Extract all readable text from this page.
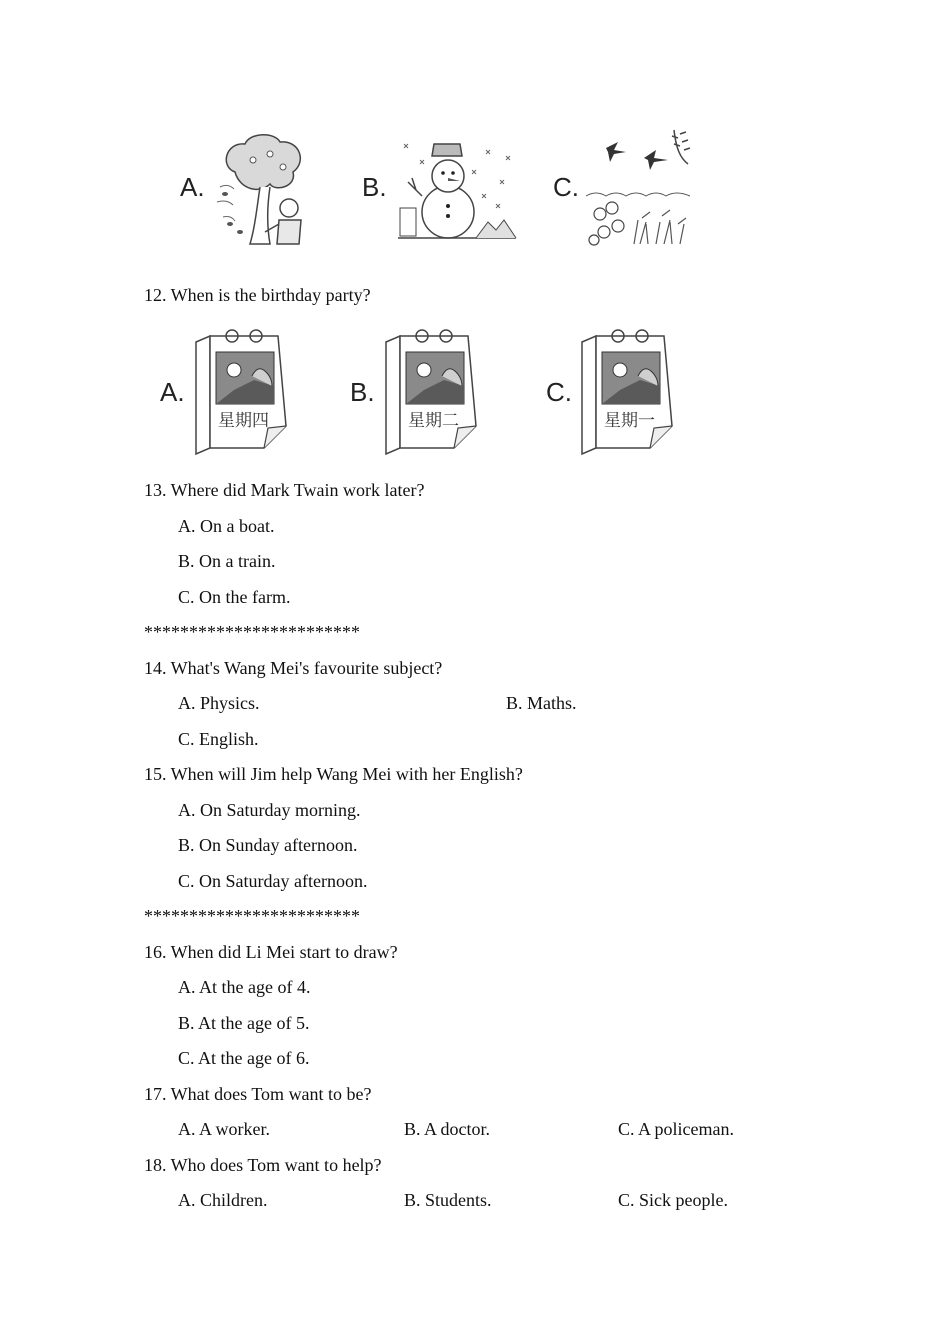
A.	B.	C.
12. When is the birthday party?
A.
星期四
B.
星期二
C.
星期一
13. Where did Mark Twain work later?
A. On a boat.
B. On a train.
C. On the farm.
************************
14. What's Wang Mei's favourite subject?
A. Physics.	B. Maths.
C. English.
15. When will Jim help Wang Mei with her English?
A. On Saturday morning.
B. On Sunday afternoon.
C. On Saturday afternoon.
************************
16. When did Li Mei start to draw?
A. At the age of 4.
B. At the age of 5.
C. At the age of 6.
17. What does Tom want to be?
A. A worker.	B. A doctor.	C. A policeman.
18. Who does Tom want to help?
A. Children.	B. Students.	C. Sick people.
